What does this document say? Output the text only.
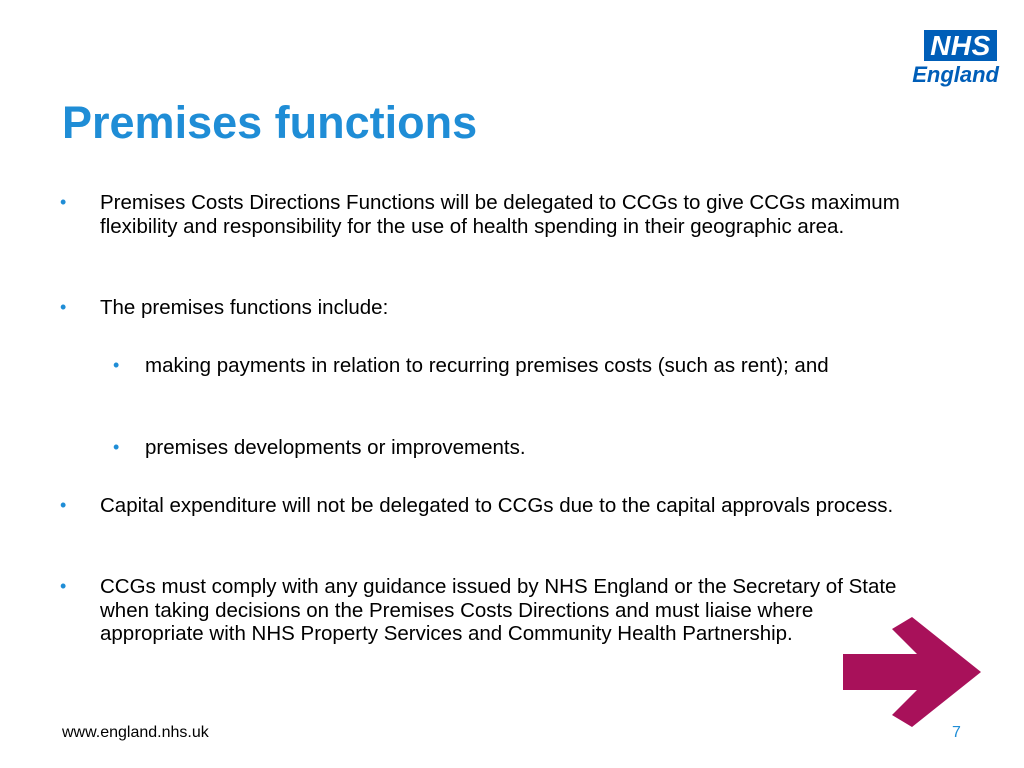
NHS
England
Premises functions
• Premises Costs Directions Functions will be delegated to CCGs to give CCGs maximum flexibility and responsibility for the use of health spending in their geographic area.
• The premises functions include:
• making payments in relation to recurring premises costs (such as rent); and
• premises developments or improvements.
• Capital expenditure will not be delegated to CCGs due to the capital approvals process.
• CCGs must comply with any guidance issued by NHS England or the Secretary of State when taking decisions on the Premises Costs Directions and must liaise where appropriate with NHS Property Services and Community Health Partnership.
www.england.nhs.uk	7
